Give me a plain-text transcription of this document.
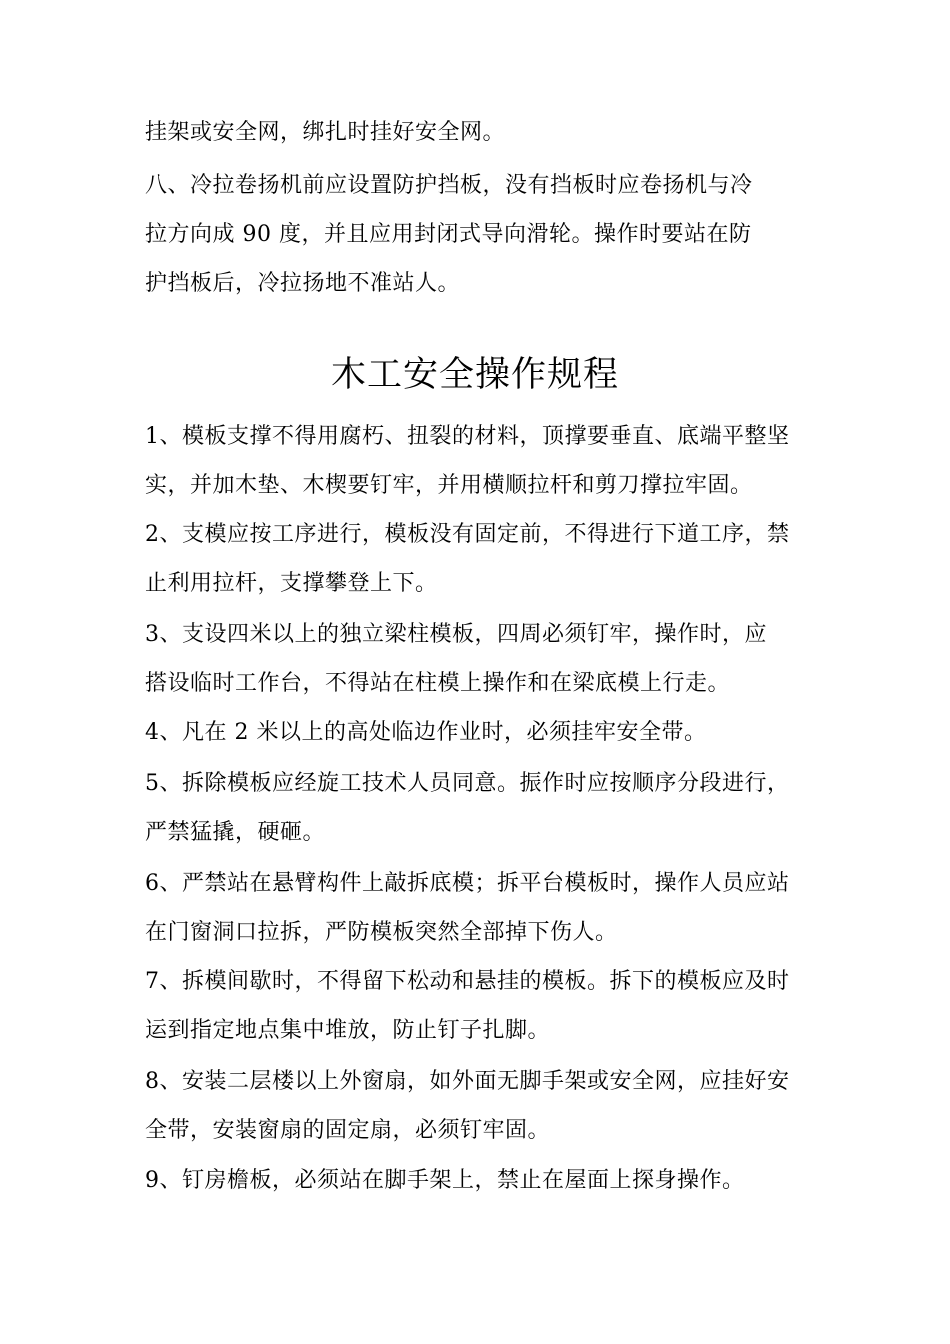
挂架或安全网，绑扎时挂好安全网。
八、冷拉卷扬机前应设置防护挡板，没有挡板时应卷扬机与冷
拉方向成 90 度，并且应用封闭式导向滑轮。操作时要站在防
护挡板后，冷拉扬地不准站人。
木工安全操作规程
1、模板支撑不得用腐朽、扭裂的材料，顶撑要垂直、底端平整坚
实，并加木垫、木楔要钉牢，并用横顺拉杆和剪刀撑拉牢固。
2、支模应按工序进行，模板没有固定前，不得进行下道工序，禁
止利用拉杆，支撑攀登上下。
3、支设四米以上的独立梁柱模板，四周必须钉牢，操作时，应
搭设临时工作台，不得站在柱模上操作和在梁底模上行走。
4、凡在 2 米以上的高处临边作业时，必须挂牢安全带。
5、拆除模板应经旋工技术人员同意。振作时应按顺序分段进行，
严禁猛撬，硬砸。
6、严禁站在悬臂构件上敲拆底模；拆平台模板时，操作人员应站
在门窗洞口拉拆，严防模板突然全部掉下伤人。
7、拆模间歇时，不得留下松动和悬挂的模板。拆下的模板应及时
运到指定地点集中堆放，防止钉子扎脚。
8、安装二层楼以上外窗扇，如外面无脚手架或安全网，应挂好安
全带，安装窗扇的固定扇，必须钉牢固。
9、钉房檐板，必须站在脚手架上，禁止在屋面上探身操作。
